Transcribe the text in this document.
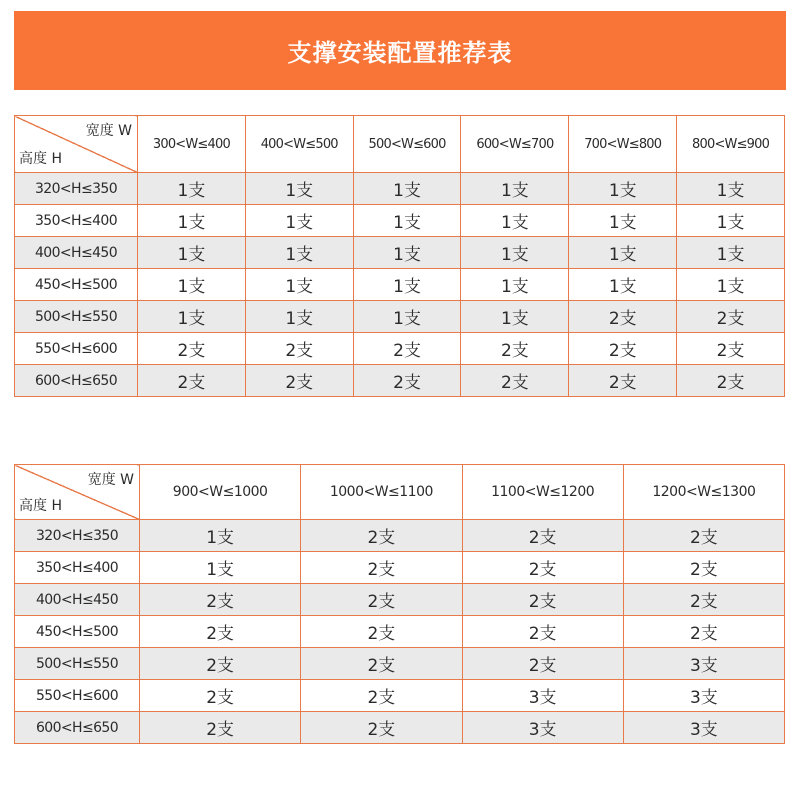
支撑安装配置推荐表
宽度 W
高度 H	300<W≤400	400<W≤500	500<W≤600	600<W≤700	700<W≤800	800<W≤900
320<H≤350	1支	1支	1支	1支	1支	1支
350<H≤400	1支	1支	1支	1支	1支	1支
400<H≤450	1支	1支	1支	1支	1支	1支
450<H≤500	1支	1支	1支	1支	1支	1支
500<H≤550	1支	1支	1支	1支	2支	2支
550<H≤600	2支	2支	2支	2支	2支	2支
600<H≤650	2支	2支	2支	2支	2支	2支
宽度 W
高度 H	900<W≤1000	1000<W≤1100	1100<W≤1200	1200<W≤1300
320<H≤350	1支	2支	2支	2支
350<H≤400	1支	2支	2支	2支
400<H≤450	2支	2支	2支	2支
450<H≤500	2支	2支	2支	2支
500<H≤550	2支	2支	2支	3支
550<H≤600	2支	2支	3支	3支
600<H≤650	2支	2支	3支	3支
